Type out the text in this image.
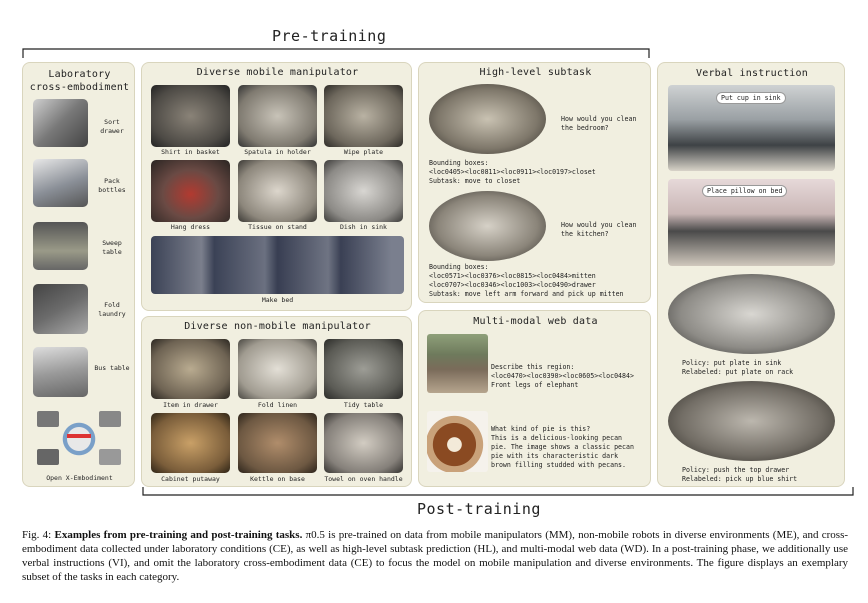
Pre-training
Post-training
Laboratory cross-embodiment
Sort drawer
Pack bottles
Sweep table
Fold laundry
Bus table
Open X-Embodiment
Diverse mobile manipulator
Shirt in basket	Spatula in holder	Wipe plate
Hang dress	Tissue on stand	Dish in sink
Make bed
Diverse non-mobile manipulator
Item in drawer	Fold linen	Tidy table
Cabinet putaway	Kettle on base	Towel on oven handle
High-level subtask
How would you clean the bedroom?
Bounding boxes:
<loc0405><loc0811><loc0911><loc0197>closet
Subtask: move to closet
How would you clean the kitchen?
Bounding boxes:
<loc0571><loc0376><loc0815><loc0484>mitten
<loc0707><loc0346><loc1003><loc0490>drawer
Subtask: move left arm forward and pick up mitten
Multi-modal web data
Describe this region:
<loc0470><loc0390><loc0605><loc0484>
Front legs of elephant
What kind of pie is this?
This is a delicious-looking pecan
pie. The image shows a classic pecan
pie with its characteristic dark
brown filling studded with pecans.
Verbal instruction
Put cup in sink
Place pillow on bed
Policy: put plate in sink
Relabeled: put plate on rack
Policy: push the top drawer
Relabeled: pick up blue shirt
Fig. 4: Examples from pre-training and post-training tasks. π0.5 is pre-trained on data from mobile manipulators (MM), non-mobile robots in diverse environments (ME), and cross-embodiment data collected under laboratory conditions (CE), as well as high-level subtask prediction (HL), and multi-modal web data (WD). In a post-training phase, we additionally use verbal instructions (VI), and omit the laboratory cross-embodiment data (CE) to focus the model on mobile manipulation and diverse environments. The figure displays an exemplary subset of the tasks in each category.
